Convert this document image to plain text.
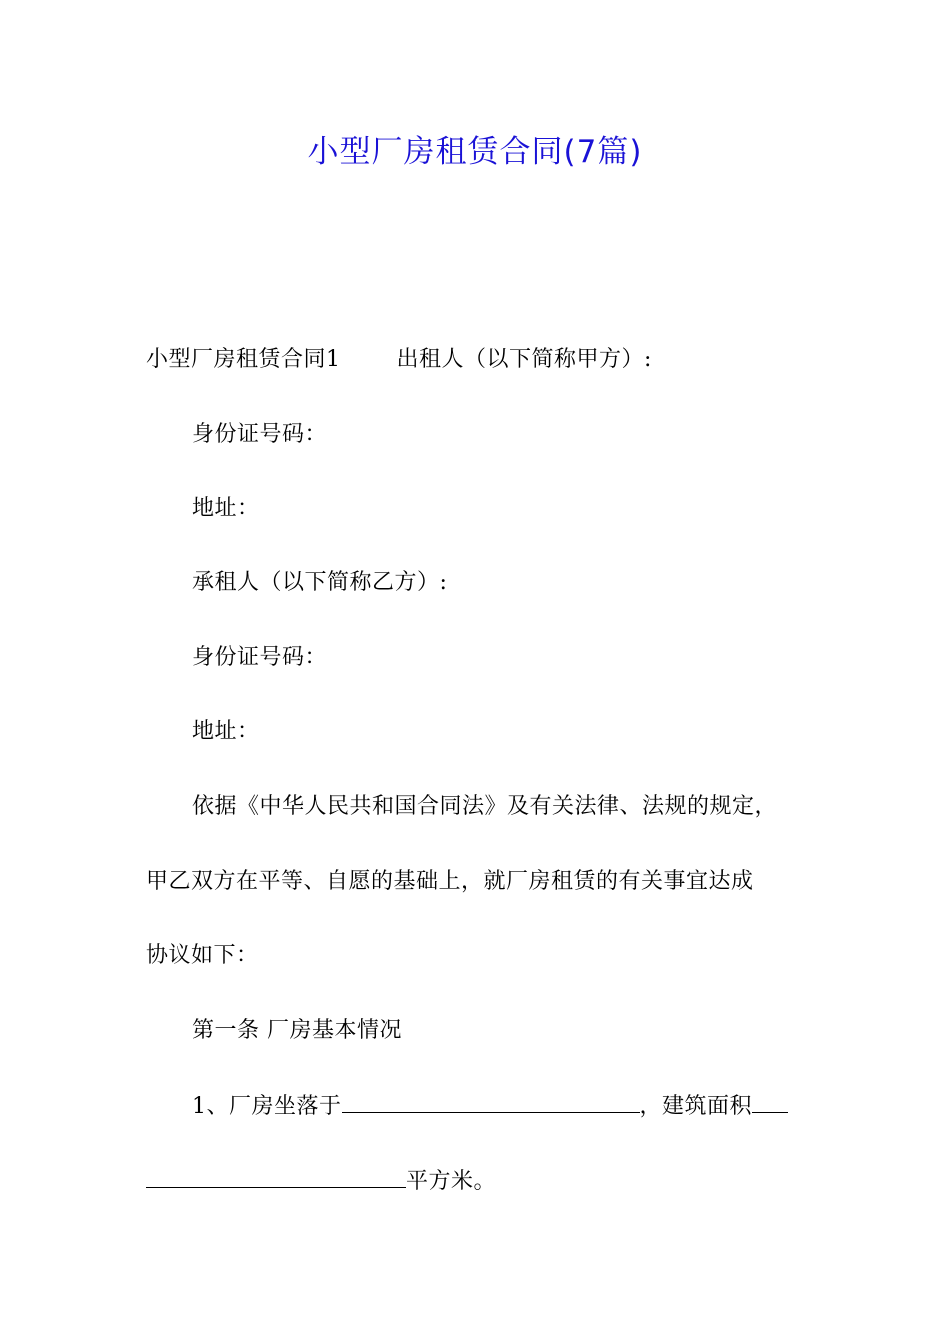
小型厂房租赁合同(7篇)
小型厂房租赁合同1	出租人（以下简称甲方）:
身份证号码：
地址：
承租人（以下简称乙方）:
身份证号码：
地址：
依据《中华人民共和国合同法》及有关法律、法规的规定，
甲乙双方在平等、自愿的基础上，就厂房租赁的有关事宜达成
协议如下：
第一条 厂房基本情况
1、厂房坐落于	，建筑面积
平方米。
